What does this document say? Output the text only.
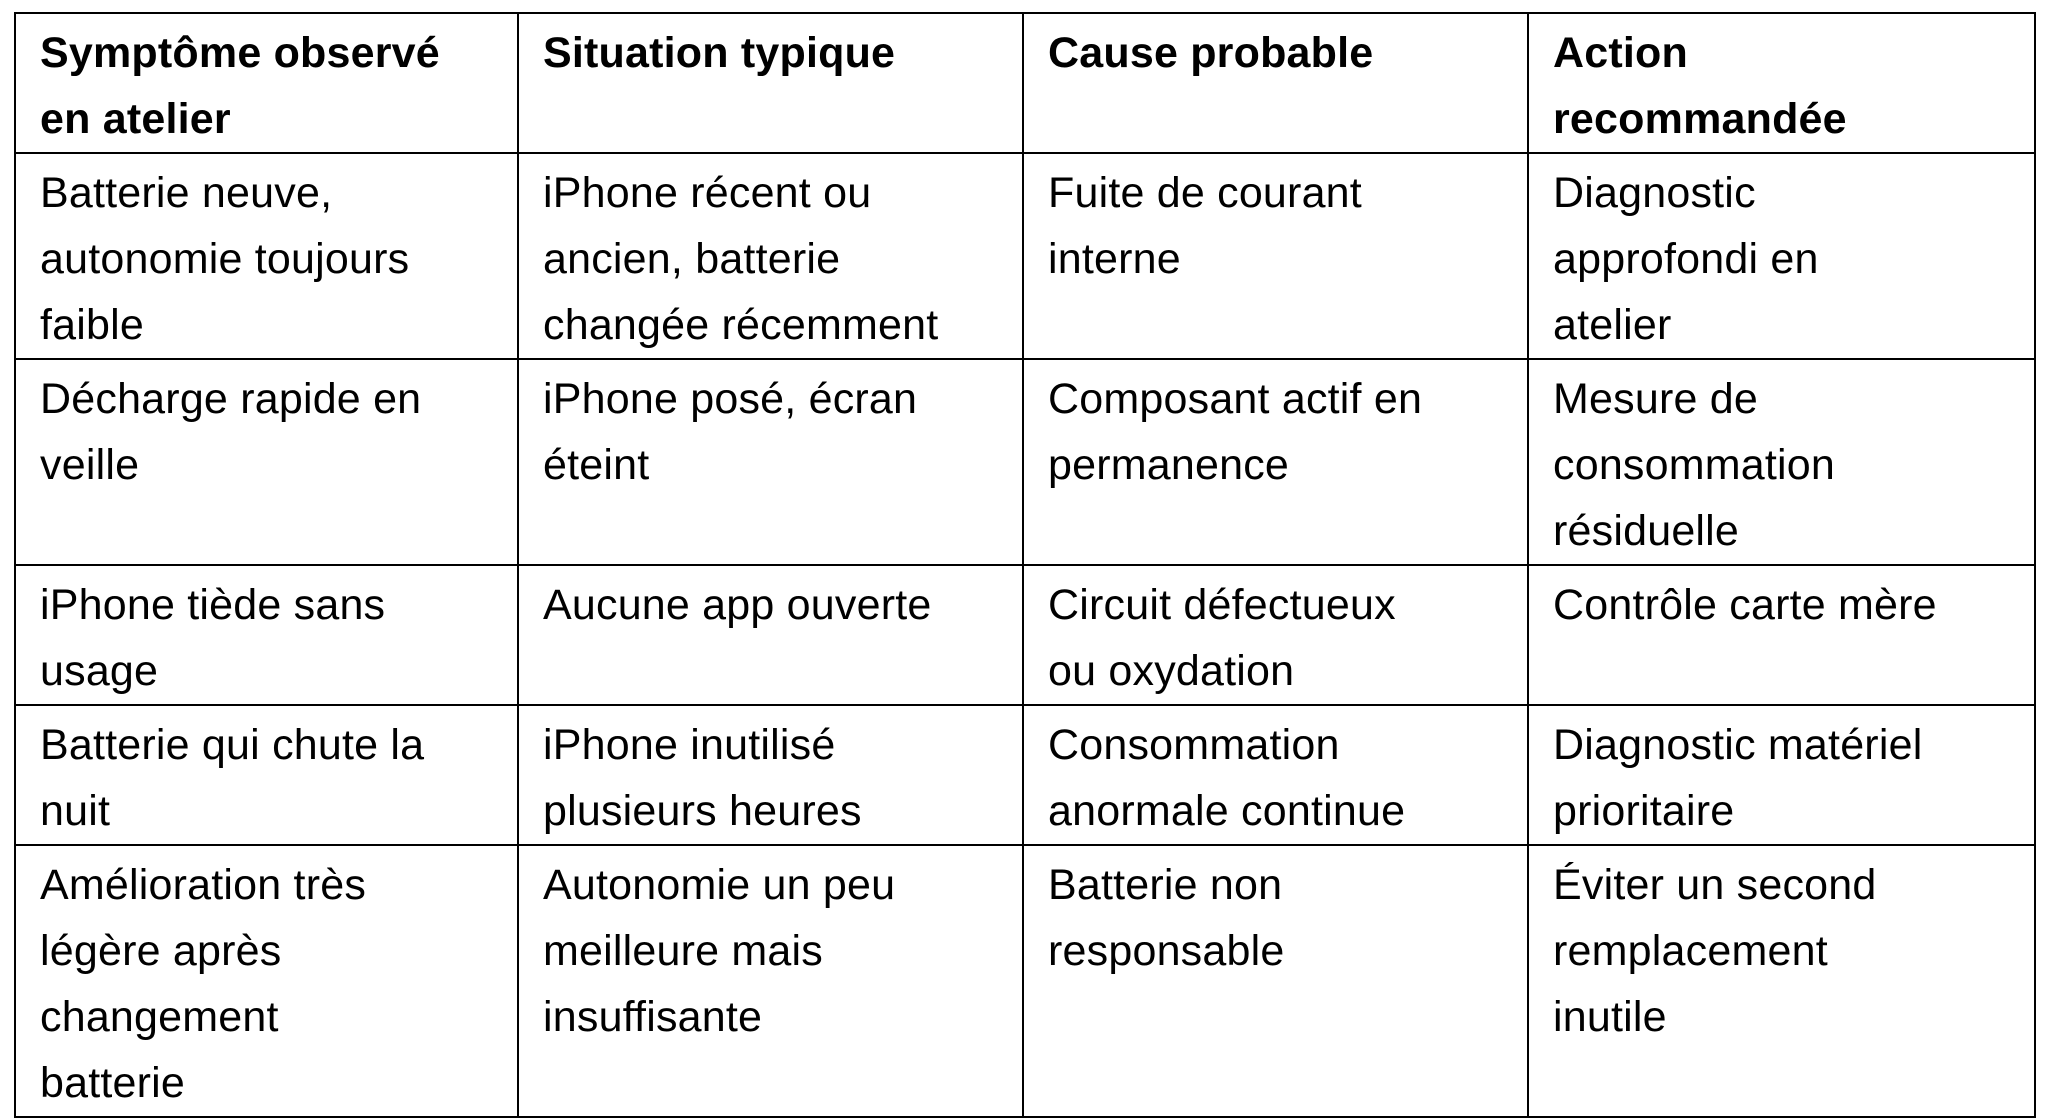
Symptôme observé
en atelier	Situation typique	Cause probable	Action
recommandée

Batterie neuve,
autonomie toujours
faible	iPhone récent ou
ancien, batterie
changée récemment	Fuite de courant
interne	Diagnostic
approfondi en
atelier

Décharge rapide en
veille	iPhone posé, écran
éteint	Composant actif en
permanence	Mesure de
consommation
résiduelle

iPhone tiède sans
usage	Aucune app ouverte	Circuit défectueux
ou oxydation	Contrôle carte mère

Batterie qui chute la
nuit	iPhone inutilisé
plusieurs heures	Consommation
anormale continue	Diagnostic matériel
prioritaire

Amélioration très
légère après
changement
batterie	Autonomie un peu
meilleure mais
insuffisante	Batterie non
responsable	Éviter un second
remplacement
inutile
